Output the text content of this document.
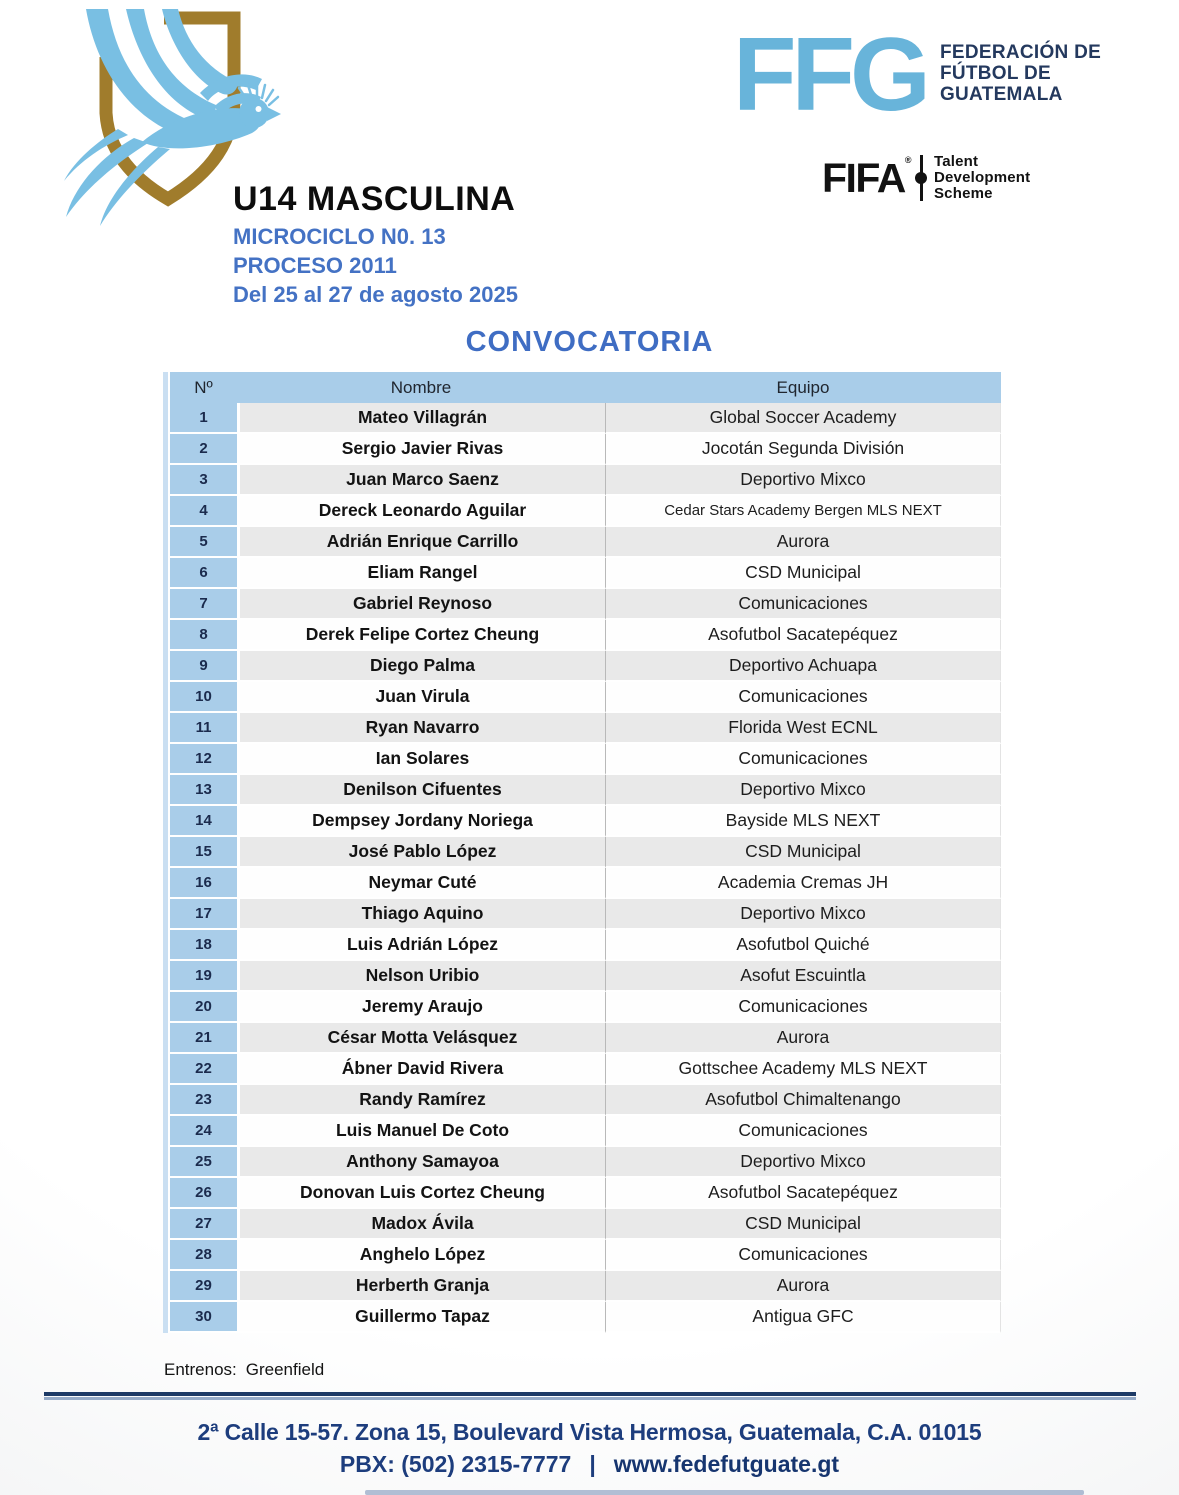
U14 MASCULINA
MICROCICLO N0. 13
PROCESO 2011
Del 25 al 27 de agosto 2025
FFG FEDERACIÓN DE
FÚTBOL DE
GUATEMALA
FIFA® Talent
Development
Scheme
CONVOCATORIA
Nº	Nombre	Equipo
1	Mateo Villagrán	Global Soccer Academy
2	Sergio Javier Rivas	Jocotán Segunda División
3	Juan Marco Saenz	Deportivo Mixco
4	Dereck Leonardo Aguilar	Cedar Stars Academy Bergen MLS NEXT
5	Adrián Enrique Carrillo	Aurora
6	Eliam Rangel	CSD Municipal
7	Gabriel Reynoso	Comunicaciones
8	Derek Felipe Cortez Cheung	Asofutbol Sacatepéquez
9	Diego Palma	Deportivo Achuapa
10	Juan Virula	Comunicaciones
11	Ryan Navarro	Florida West ECNL
12	Ian Solares	Comunicaciones
13	Denilson Cifuentes	Deportivo Mixco
14	Dempsey Jordany Noriega	Bayside MLS NEXT
15	José Pablo López	CSD Municipal
16	Neymar Cuté	Academia Cremas JH
17	Thiago Aquino	Deportivo Mixco
18	Luis Adrián López	Asofutbol Quiché
19	Nelson Uribio	Asofut Escuintla
20	Jeremy Araujo	Comunicaciones
21	César Motta Velásquez	Aurora
22	Ábner David Rivera	Gottschee Academy MLS NEXT
23	Randy Ramírez	Asofutbol Chimaltenango
24	Luis Manuel De Coto	Comunicaciones
25	Anthony Samayoa	Deportivo Mixco
26	Donovan Luis Cortez Cheung	Asofutbol Sacatepéquez
27	Madox Ávila	CSD Municipal
28	Anghelo López	Comunicaciones
29	Herberth Granja	Aurora
30	Guillermo Tapaz	Antigua GFC
Entrenos: Greenfield
2ª Calle 15-57. Zona 15, Boulevard Vista Hermosa, Guatemala, C.A. 01015
PBX: (502) 2315-7777 | www.fedefutguate.gt
